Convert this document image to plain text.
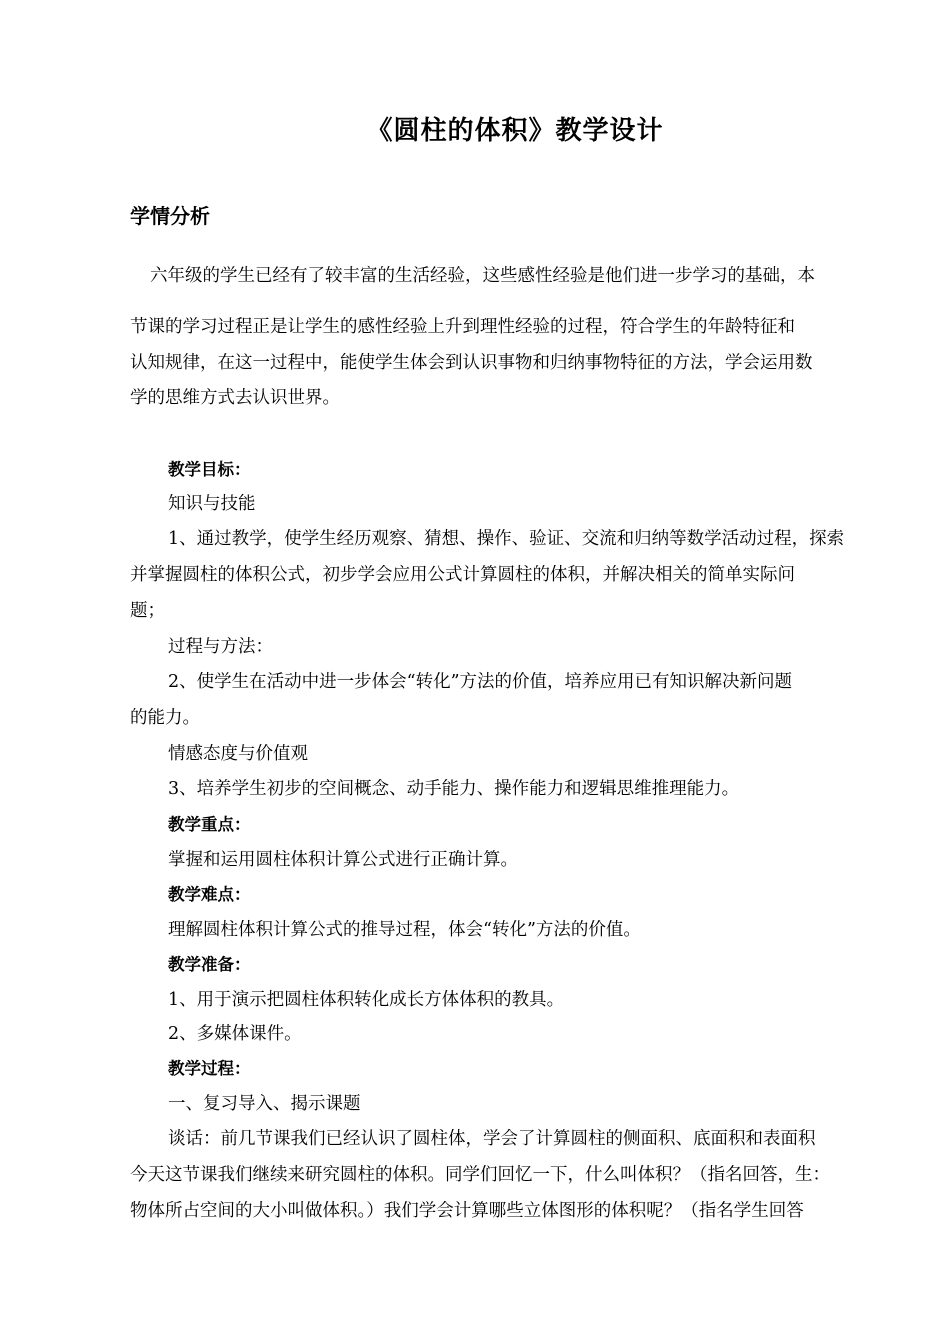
《圆柱的体积》教学设计
学情分析
六年级的学生已经有了较丰富的生活经验，这些感性经验是他们进一步学习的基础，本
节课的学习过程正是让学生的感性经验上升到理性经验的过程，符合学生的年龄特征和
认知规律，在这一过程中，能使学生体会到认识事物和归纳事物特征的方法，学会运用数
学的思维方式去认识世界。
教学目标：
知识与技能
1、通过教学，使学生经历观察、猜想、操作、验证、交流和归纳等数学活动过程，探索
并掌握圆柱的体积公式，初步学会应用公式计算圆柱的体积，并解决相关的简单实际问
题；
过程与方法：
2、使学生在活动中进一步体会“转化”方法的价值，培养应用已有知识解决新问题
的能力。
情感态度与价值观
3、培养学生初步的空间概念、动手能力、操作能力和逻辑思维推理能力。
教学重点：
掌握和运用圆柱体积计算公式进行正确计算。
教学难点：
理解圆柱体积计算公式的推导过程，体会“转化”方法的价值。
教学准备：
1、用于演示把圆柱体积转化成长方体体积的教具。
2、多媒体课件。
教学过程：
一、复习导入、揭示课题
谈话：前几节课我们已经认识了圆柱体，学会了计算圆柱的侧面积、底面积和表面积
今天这节课我们继续来研究圆柱的体积。同学们回忆一下，什么叫体积？（指名回答，生：
物体所占空间的大小叫做体积。）我们学会计算哪些立体图形的体积呢？（指名学生回答
